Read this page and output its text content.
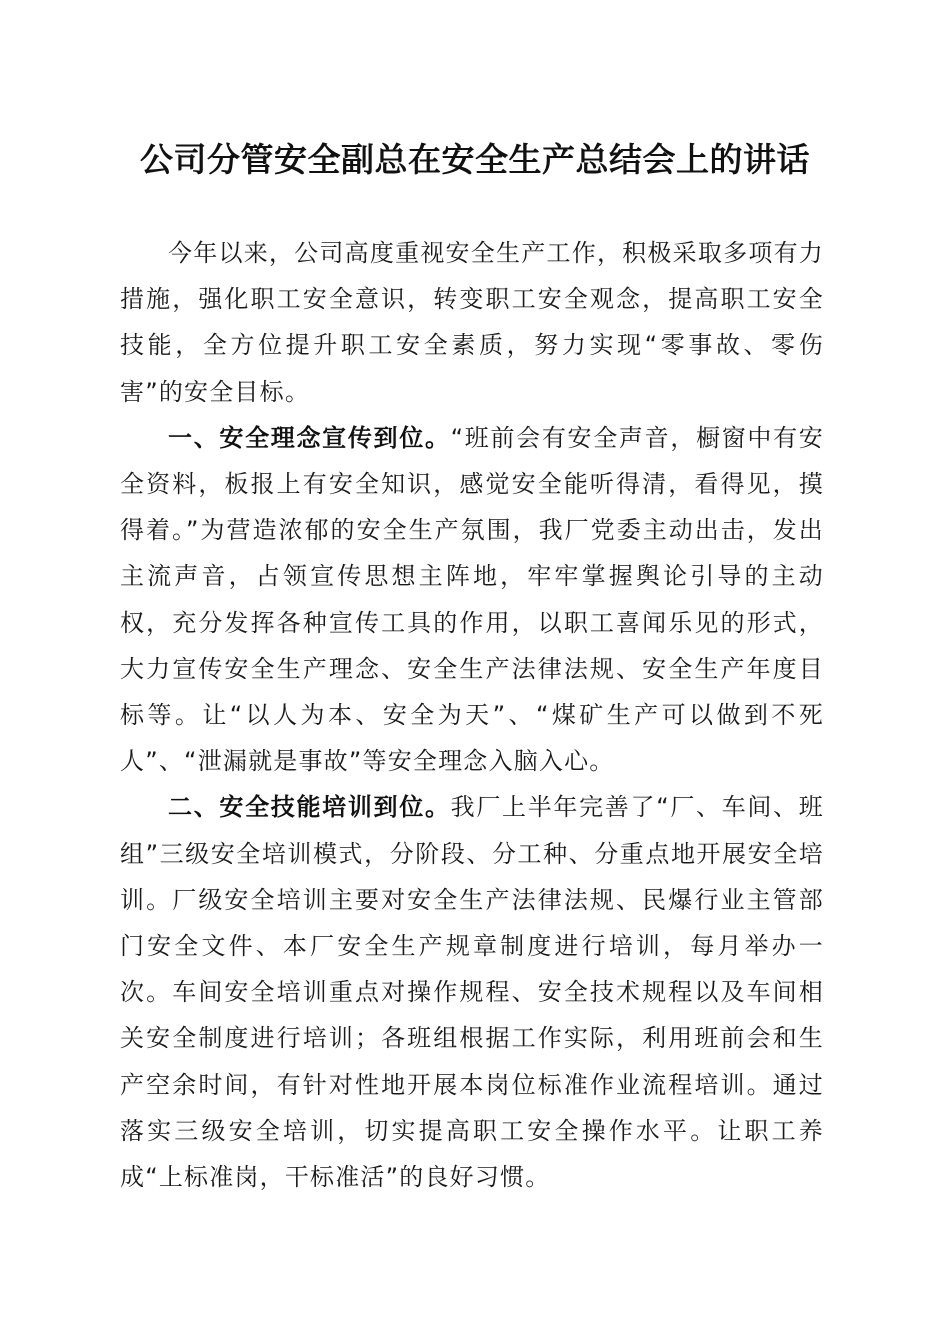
公司分管安全副总在安全生产总结会上的讲话

今年以来，公司高度重视安全生产工作，积极采取多项有力措施，强化职工安全意识，转变职工安全观念，提高职工安全技能，全方位提升职工安全素质，努力实现“零事故、零伤害”的安全目标。

一、安全理念宣传到位。“班前会有安全声音，橱窗中有安全资料，板报上有安全知识，感觉安全能听得清，看得见，摸得着。”为营造浓郁的安全生产氛围，我厂党委主动出击，发出主流声音，占领宣传思想主阵地，牢牢掌握舆论引导的主动权，充分发挥各种宣传工具的作用，以职工喜闻乐见的形式，大力宣传安全生产理念、安全生产法律法规、安全生产年度目标等。让“以人为本、安全为天”、“煤矿生产可以做到不死人”、“泄漏就是事故”等安全理念入脑入心。

二、安全技能培训到位。我厂上半年完善了“厂、车间、班组”三级安全培训模式，分阶段、分工种、分重点地开展安全培训。厂级安全培训主要对安全生产法律法规、民爆行业主管部门安全文件、本厂安全生产规章制度进行培训，每月举办一次。车间安全培训重点对操作规程、安全技术规程以及车间相关安全制度进行培训；各班组根据工作实际，利用班前会和生产空余时间，有针对性地开展本岗位标准作业流程培训。通过落实三级安全培训，切实提高职工安全操作水平。让职工养成“上标准岗，干标准活”的良好习惯。
